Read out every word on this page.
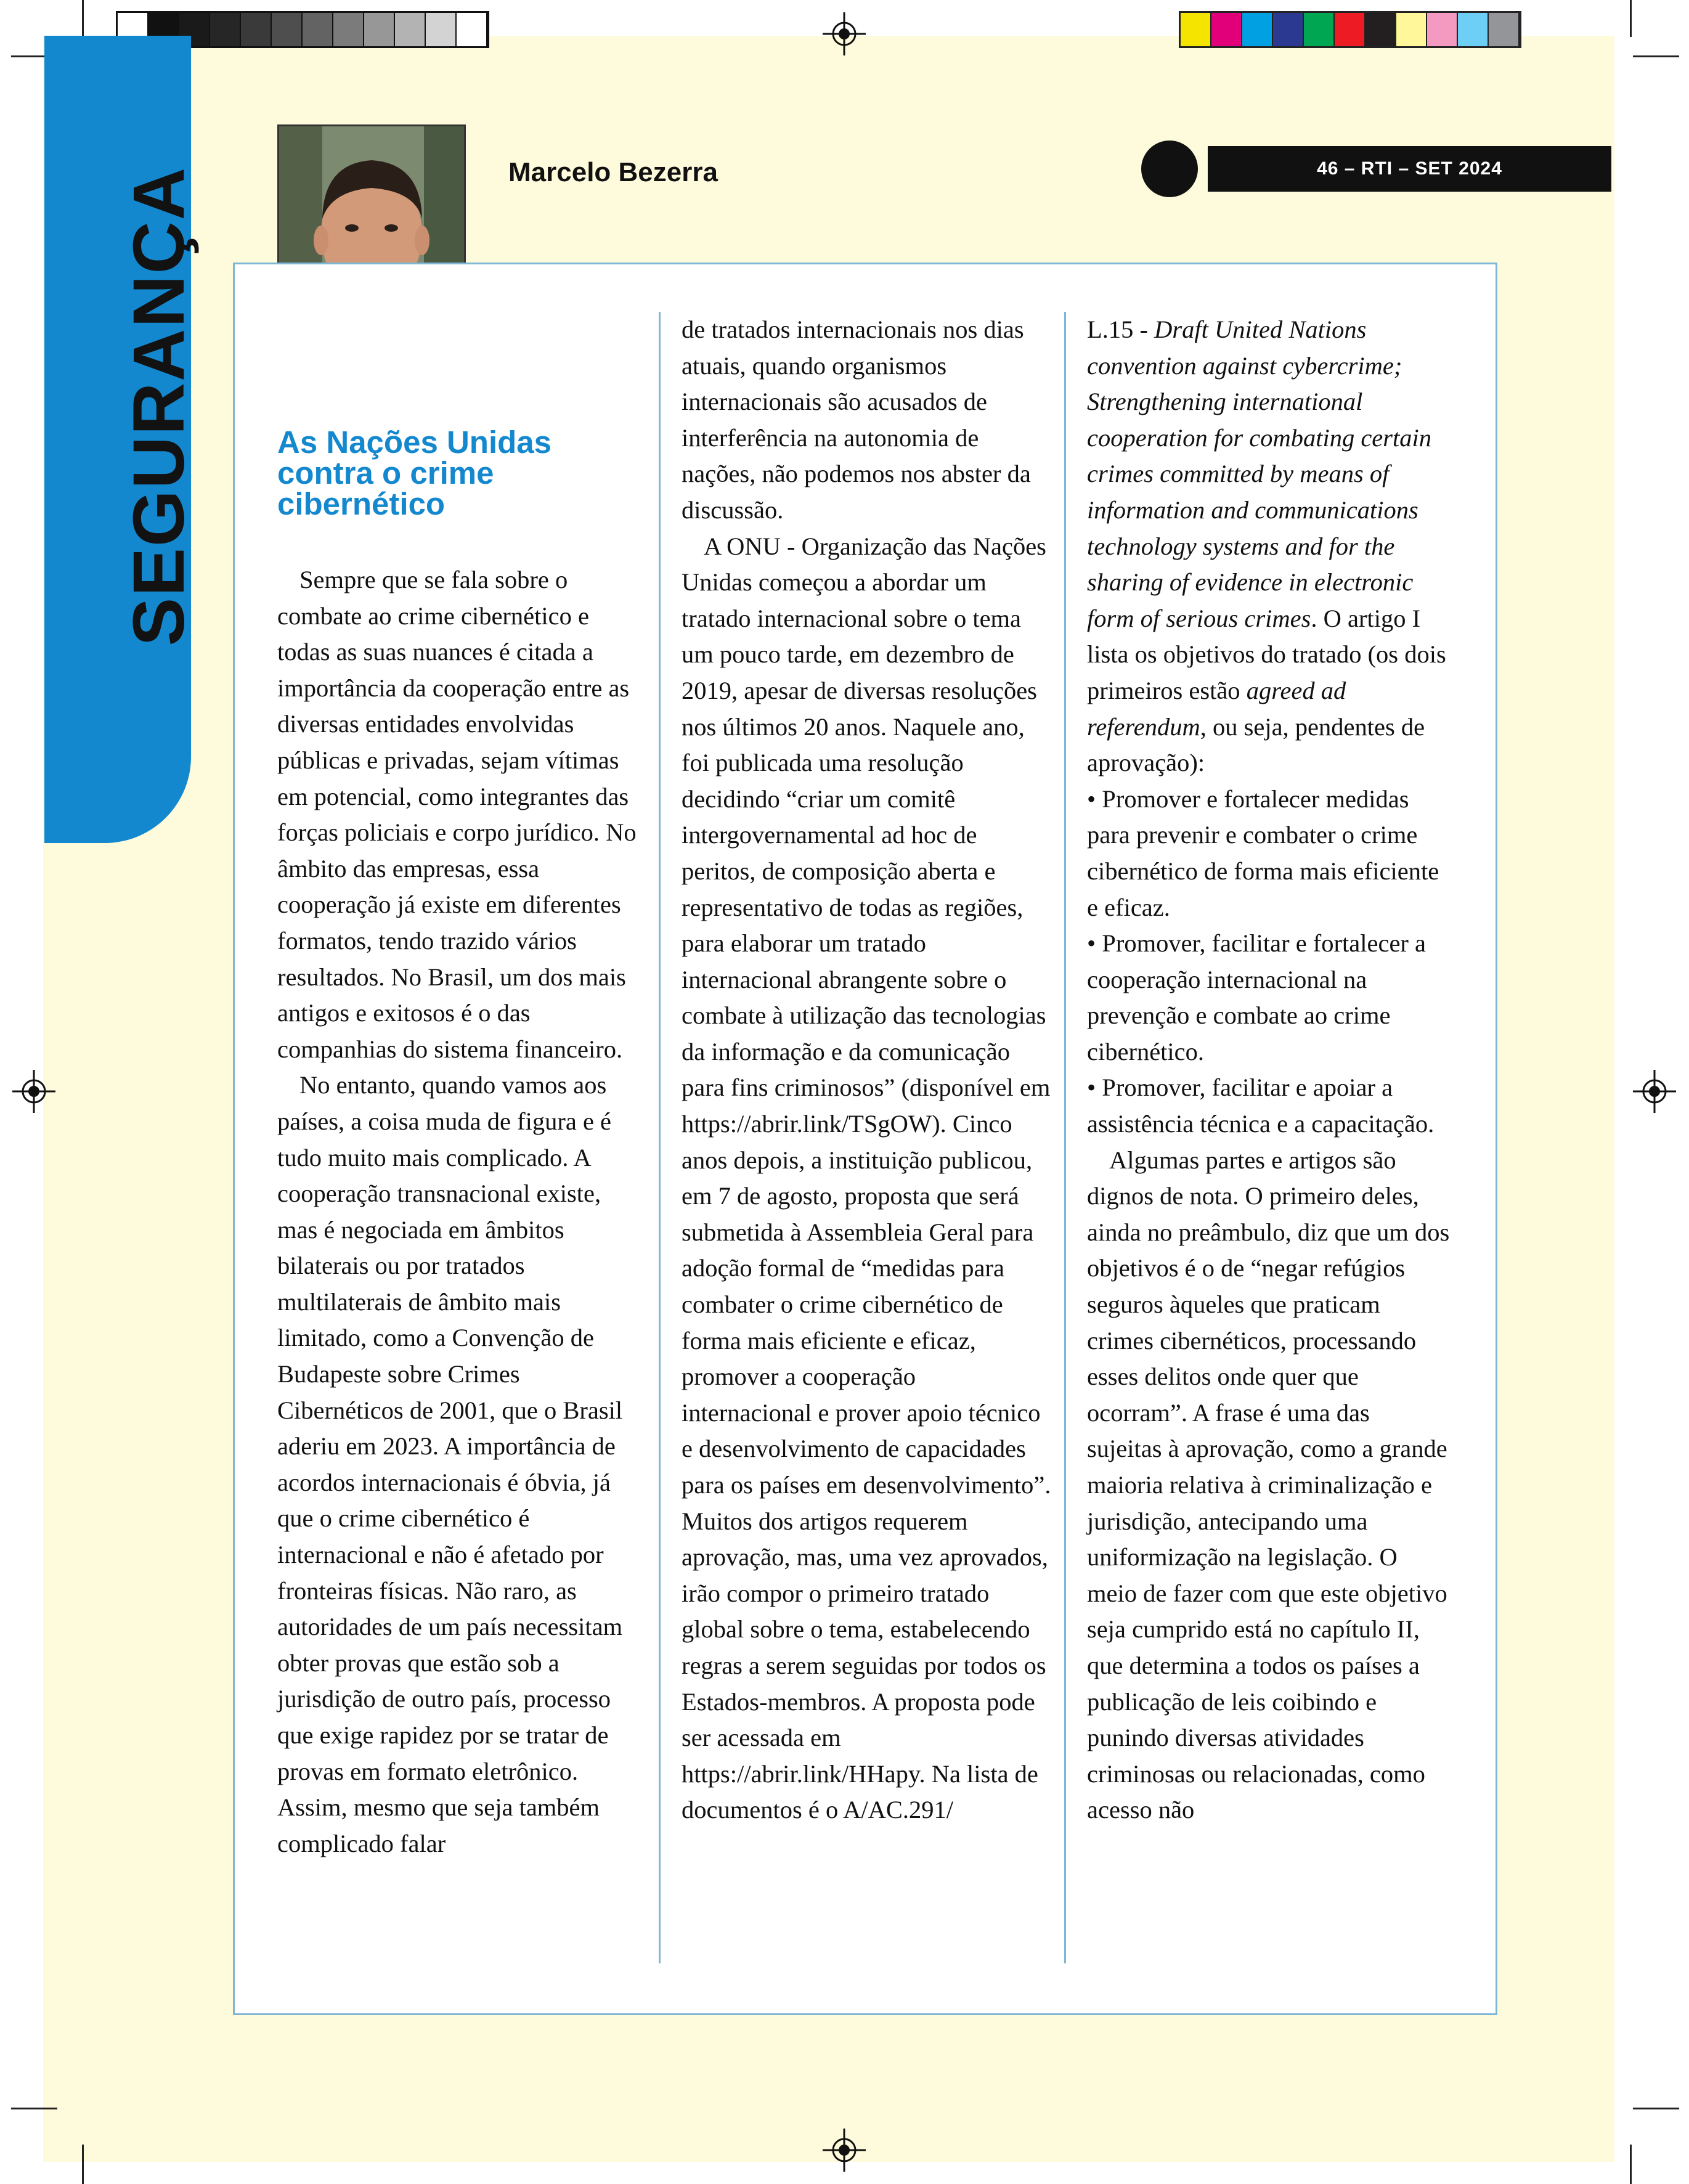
SEGURANÇA	Marcelo Bezerra	46 – RTI – SET 2024
As Nações Unidas contra o crime cibernético

Sempre que se fala sobre o combate ao crime cibernético e todas as suas nuances é citada a importância da cooperação entre as diversas entidades envolvidas públicas e privadas, sejam vítimas em potencial, como integrantes das forças policiais e corpo jurídico. No âmbito das empresas, essa cooperação já existe em diferentes formatos, tendo trazido vários resultados. No Brasil, um dos mais antigos e exitosos é o das companhias do sistema financeiro.

No entanto, quando vamos aos países, a coisa muda de figura e é tudo muito mais complicado. A cooperação transnacional existe, mas é negociada em âmbitos bilaterais ou por tratados multilaterais de âmbito mais limitado, como a Convenção de Budapeste sobre Crimes Cibernéticos de 2001, que o Brasil aderiu em 2023. A importância de acordos internacionais é óbvia, já que o crime cibernético é internacional e não é afetado por fronteiras físicas. Não raro, as autoridades de um país necessitam obter provas que estão sob a jurisdição de outro país, processo que exige rapidez por se tratar de provas em formato eletrônico. Assim, mesmo que seja também complicado falar

de tratados internacionais nos dias atuais, quando organismos internacionais são acusados de interferência na autonomia de nações, não podemos nos abster da discussão.

A ONU - Organização das Nações Unidas começou a abordar um tratado internacional sobre o tema um pouco tarde, em dezembro de 2019, apesar de diversas resoluções nos últimos 20 anos. Naquele ano, foi publicada uma resolução decidindo “criar um comitê intergovernamental ad hoc de peritos, de composição aberta e representativo de todas as regiões, para elaborar um tratado internacional abrangente sobre o combate à utilização das tecnologias da informação e da comunicação para fins criminosos” (disponível em https://abrir.link/TSgOW). Cinco anos depois, a instituição publicou, em 7 de agosto, proposta que será submetida à Assembleia Geral para adoção formal de “medidas para combater o crime cibernético de forma mais eficiente e eficaz, promover a cooperação internacional e prover apoio técnico e desenvolvimento de capacidades para os países em desenvolvimento”. Muitos dos artigos requerem aprovação, mas, uma vez aprovados, irão compor o primeiro tratado global sobre o tema, estabelecendo regras a serem seguidas por todos os Estados-membros. A proposta pode ser acessada em https://abrir.link/HHapy. Na lista de documentos é o A/AC.291/

L.15 - Draft United Nations convention against cybercrime; Strengthening international cooperation for combating certain crimes committed by means of information and communications technology systems and for the sharing of evidence in electronic form of serious crimes. O artigo I lista os objetivos do tratado (os dois primeiros estão agreed ad referendum, ou seja, pendentes de aprovação):

• Promover e fortalecer medidas para prevenir e combater o crime cibernético de forma mais eficiente e eficaz.

• Promover, facilitar e fortalecer a cooperação internacional na prevenção e combate ao crime cibernético.

• Promover, facilitar e apoiar a assistência técnica e a capacitação.

Algumas partes e artigos são dignos de nota. O primeiro deles, ainda no preâmbulo, diz que um dos objetivos é o de “negar refúgios seguros àqueles que praticam crimes cibernéticos, processando esses delitos onde quer que ocorram”. A frase é uma das sujeitas à aprovação, como a grande maioria relativa à criminalização e jurisdição, antecipando uma uniformização na legislação. O meio de fazer com que este objetivo seja cumprido está no capítulo II, que determina a todos os países a publicação de leis coibindo e punindo diversas atividades criminosas ou relacionadas, como acesso não
